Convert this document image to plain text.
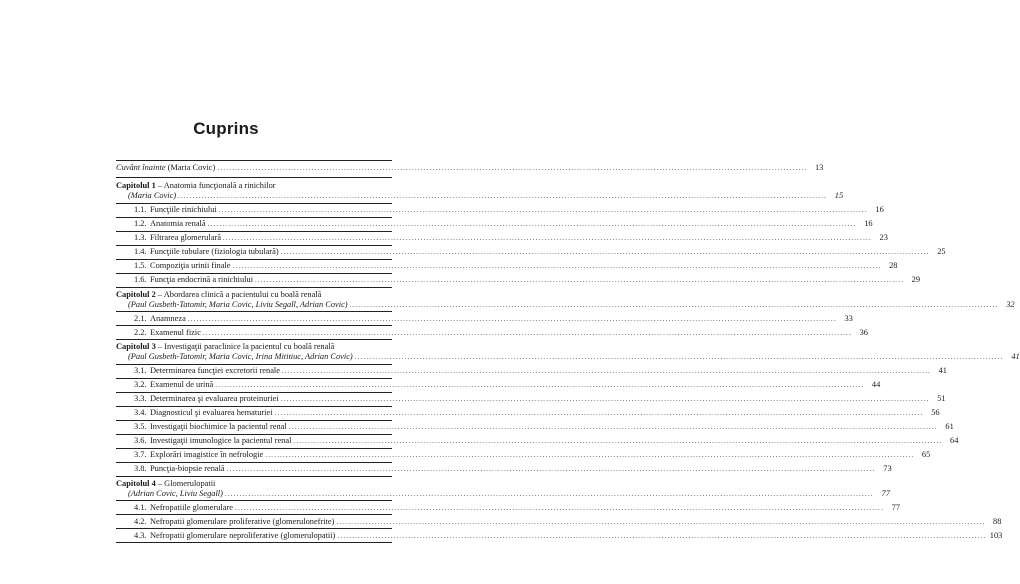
Cuprins
Cuvânt înainte (Maria Covic) ........................................................................................................................................................................................................ 13
Capitolul 1 – Anatomia funcţională a rinichilor
(Maria Covic) ............................................................................................................................................................................................................................ 15
1.1. Funcţiile rinichiului ............................................................................................................................................................................................................................ 16
1.2. Anatomia renală ............................................................................................................................................................................................................................ 16
1.3. Filtrarea glomerulară ............................................................................................................................................................................................................................ 23
1.4. Funcţiile tubulare (fiziologia tubulară) ............................................................................................................................................................................................................................ 25
1.5. Compoziţia urinii finale ............................................................................................................................................................................................................................ 28
1.6. Funcţia endocrină a rinichiului ............................................................................................................................................................................................................................ 29
Capitolul 2 – Abordarea clinică a pacientului cu boală renală
(Paul Gusbeth-Tatomir, Maria Covic, Liviu Segall, Adrian Covic) ............................................................................................................................................................................................................................ 32
2.1. Anamneza ............................................................................................................................................................................................................................ 33
2.2. Examenul fizic ............................................................................................................................................................................................................................ 36
Capitolul 3 – Investigaţii paraclinice la pacientul cu boală renală
(Paul Gusbeth-Tatomir, Maria Covic, Irina Mititiuc, Adrian Covic) ............................................................................................................................................................................................................................ 41
3.1. Determinarea funcţiei excretorii renale ............................................................................................................................................................................................................................ 41
3.2. Examenul de urină ............................................................................................................................................................................................................................ 44
3.3. Determinarea şi evaluarea proteinuriei ............................................................................................................................................................................................................................ 51
3.4. Diagnosticul şi evaluarea hematuriei ............................................................................................................................................................................................................................ 56
3.5. Investigaţii biochimice la pacientul renal ............................................................................................................................................................................................................................ 61
3.6. Investigaţii imunologice la pacientul renal ............................................................................................................................................................................................................................ 64
3.7. Explorări imagistice în nefrologie ............................................................................................................................................................................................................................ 65
3.8. Puncţia-biopsie renală ............................................................................................................................................................................................................................ 73
Capitolul 4 – Glomerulopatii
(Adrian Covic, Liviu Segall) ............................................................................................................................................................................................................................ 77
4.1. Nefropatiile glomerulare ............................................................................................................................................................................................................................ 77
4.2. Nefropatii glomerulare proliferative (glomerulonefrite) ............................................................................................................................................................................................................................ 88
4.3. Nefropatii glomerulare neproliferative (glomerulopatii) ............................................................................................................................................................................................................................ 103
